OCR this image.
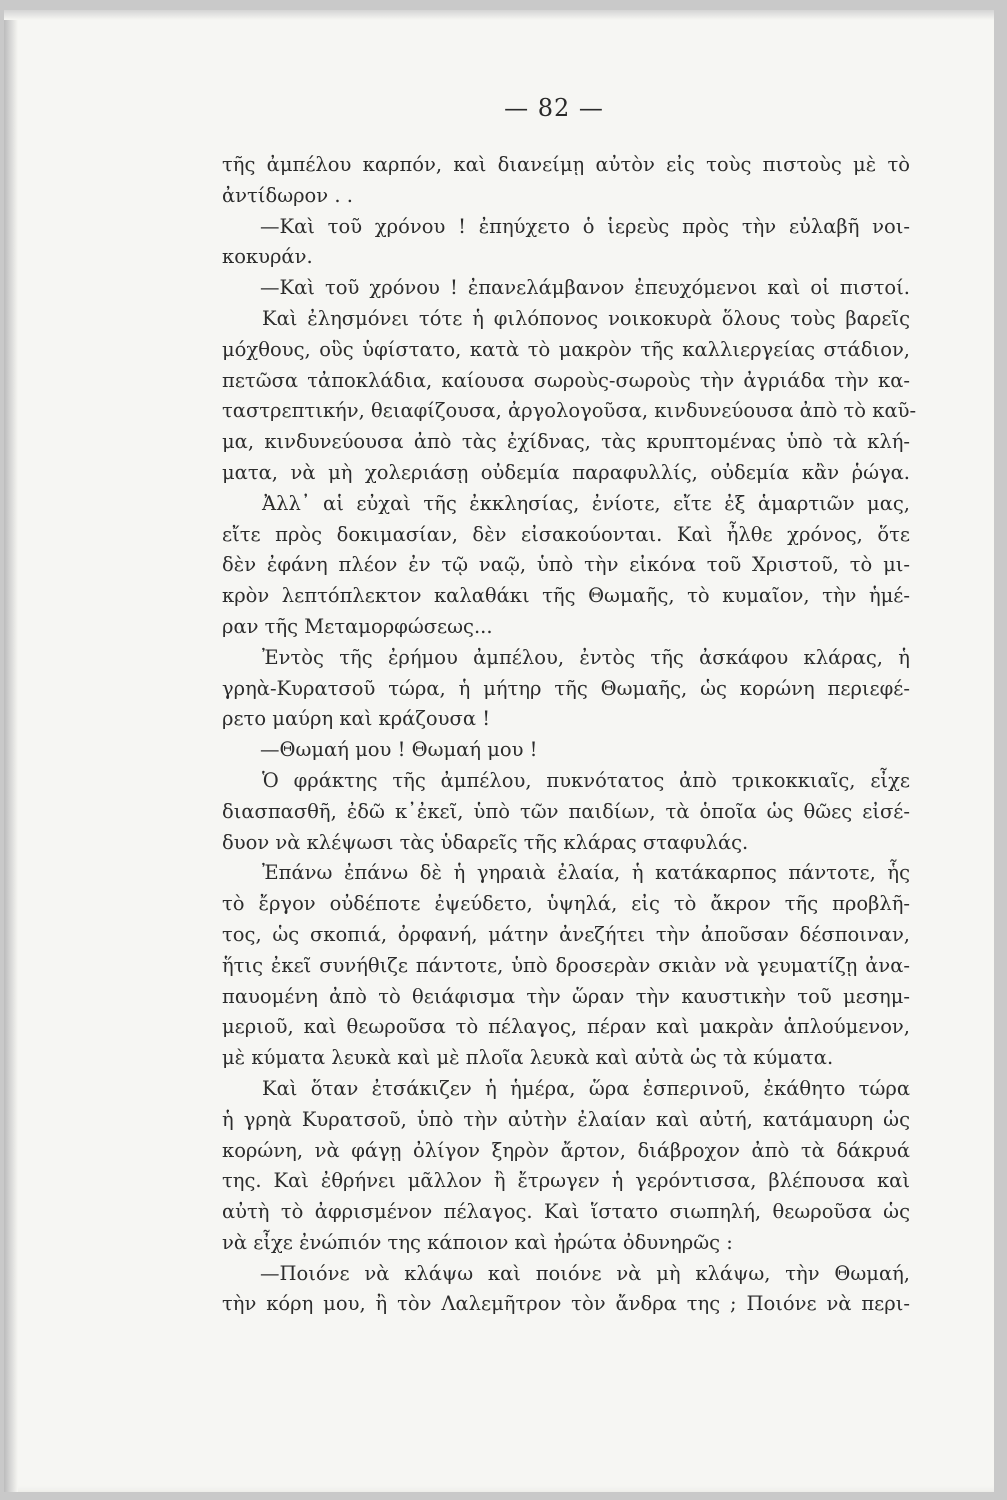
— 82 —
τῆς ἀμπέλου καρπόν, καὶ διανείμῃ αὐτὸν εἰς τοὺς πιστοὺς μὲ τὸ
ἀντίδωρον . .
—Καὶ τοῦ χρόνου ! ἐπηύχετο ὁ ἱερεὺς πρὸς τὴν εὐλαβῆ νοι-
κοκυράν.
—Καὶ τοῦ χρόνου ! ἐπανελάμβανον ἐπευχόμενοι καὶ οἱ πιστοί.
Καὶ ἐλησμόνει τότε ἡ φιλόπονος νοικοκυρὰ ὅλους τοὺς βαρεῖς
μόχθους, οὓς ὑφίστατο, κατὰ τὸ μακρὸν τῆς καλλιεργείας στάδιον,
πετῶσα τἀποκλάδια, καίουσα σωροὺς-σωροὺς τὴν ἀγριάδα τὴν κα-
ταστρεπτικήν, θειαφίζουσα, ἀργολογοῦσα, κινδυνεύουσα ἀπὸ τὸ καῦ-
μα, κινδυνεύουσα ἀπὸ τὰς ἐχίδνας, τὰς κρυπτομένας ὑπὸ τὰ κλή-
ματα, νὰ μὴ χολεριάσῃ οὐδεμία παραφυλλίς, οὐδεμία κἂν ῥώγα.
Ἀλλ᾿ αἱ εὐχαὶ τῆς ἐκκλησίας, ἐνίοτε, εἴτε ἐξ ἁμαρτιῶν μας,
εἴτε πρὸς δοκιμασίαν, δὲν εἰσακούονται. Καὶ ἦλθε χρόνος, ὅτε
δὲν ἐφάνη πλέον ἐν τῷ ναῷ, ὑπὸ τὴν εἰκόνα τοῦ Χριστοῦ, τὸ μι-
κρὸν λεπτόπλεκτον καλαθάκι τῆς Θωμαῆς, τὸ κυμαῖον, τὴν ἡμέ-
ραν τῆς Μεταμορφώσεως...
Ἐντὸς τῆς ἐρήμου ἀμπέλου, ἐντὸς τῆς ἀσκάφου κλάρας, ἡ
γρηὰ-Κυρατσοῦ τώρα, ἡ μήτηρ τῆς Θωμαῆς, ὡς κορώνη περιεφέ-
ρετο μαύρη καὶ κράζουσα !
—Θωμαή μου ! Θωμαή μου !
Ὁ φράκτης τῆς ἀμπέλου, πυκνότατος ἀπὸ τρικοκκιαῖς, εἶχε
διασπασθῆ, ἐδῶ κ᾿ἐκεῖ, ὑπὸ τῶν παιδίων, τὰ ὁποῖα ὡς θῶες εἰσέ-
δυον νὰ κλέψωσι τὰς ὑδαρεῖς τῆς κλάρας σταφυλάς.
Ἐπάνω ἐπάνω δὲ ἡ γηραιὰ ἐλαία, ἡ κατάκαρπος πάντοτε, ἧς
τὸ ἔργον οὐδέποτε ἐψεύδετο, ὑψηλά, εἰς τὸ ἄκρον τῆς προβλῆ-
τος, ὡς σκοπιά, ὀρφανή, μάτην ἀνεζήτει τὴν ἀποῦσαν δέσποιναν,
ἥτις ἐκεῖ συνήθιζε πάντοτε, ὑπὸ δροσερὰν σκιὰν νὰ γευματίζῃ ἀνα-
παυομένη ἀπὸ τὸ θειάφισμα τὴν ὥραν τὴν καυστικὴν τοῦ μεσημ-
μεριοῦ, καὶ θεωροῦσα τὸ πέλαγος, πέραν καὶ μακρὰν ἁπλούμενον,
μὲ κύματα λευκὰ καὶ μὲ πλοῖα λευκὰ καὶ αὐτὰ ὡς τὰ κύματα.
Καὶ ὅταν ἐτσάκιζεν ἡ ἡμέρα, ὥρα ἑσπερινοῦ, ἐκάθητο τώρα
ἡ γρηὰ Κυρατσοῦ, ὑπὸ τὴν αὐτὴν ἐλαίαν καὶ αὐτή, κατάμαυρη ὡς
κορώνη, νὰ φάγῃ ὀλίγον ξηρὸν ἄρτον, διάβροχον ἀπὸ τὰ δάκρυά
της. Καὶ ἐθρήνει μᾶλλον ἢ ἔτρωγεν ἡ γερόντισσα, βλέπουσα καὶ
αὐτὴ τὸ ἀφρισμένον πέλαγος. Καὶ ἵστατο σιωπηλή, θεωροῦσα ὡς
νὰ εἶχε ἐνώπιόν της κάποιον καὶ ἠρώτα ὀδυνηρῶς :
—Ποιόνε νὰ κλάψω καὶ ποιόνε νὰ μὴ κλάψω, τὴν Θωμαή,
τὴν κόρη μου, ἢ τὸν Λαλεμῆτρον τὸν ἄνδρα της ; Ποιόνε νὰ περι-
